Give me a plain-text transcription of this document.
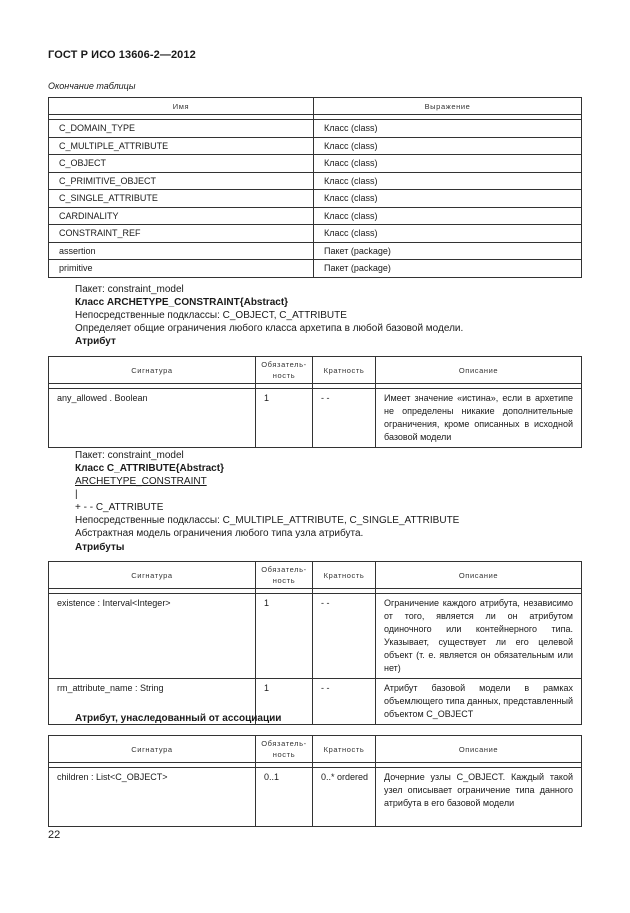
ГОСТ Р ИСО 13606-2—2012
Окончание таблицы
Имя	Выражение

C_DOMAIN_TYPE	Класс (class)
C_MULTIPLE_ATTRIBUTE	Класс (class)
C_OBJECT	Класс (class)
C_PRIMITIVE_OBJECT	Класс (class)
C_SINGLE_ATTRIBUTE	Класс (class)
CARDINALITY	Класс (class)
CONSTRAINT_REF	Класс (class)
assertion	Пакет (package)
primitive	Пакет (package)
Пакет: constraint_model
Класс ARCHETYPE_CONSTRAINT{Abstract}
Непосредственные подклассы: C_OBJECT, C_ATTRIBUTE
Определяет общие ограничения любого класса архетипа в любой базовой модели.
Атрибут
Сигнатура	Обязатель-
ность	Кратность	Описание

any_allowed . Boolean	1	- -	Имеет значение «истина», если в архетипе не определены никакие дополнительные ограничения, кроме описанных в исходной базовой модели
Пакет: constraint_model
Класс C_ATTRIBUTE{Abstract}
ARCHETYPE_CONSTRAINT
|
+ - - C_ATTRIBUTE
Непосредственные подклассы: C_MULTIPLE_ATTRIBUTE, C_SINGLE_ATTRIBUTE
Абстрактная модель ограничения любого типа узла атрибута.
Атрибуты
Сигнатура	Обязатель-
ность	Кратность	Описание

existence : Interval<Integer>	1	- -	Ограничение каждого атрибута, независимо от того, является ли он атрибутом одиночного или контейнерного типа. Указывает, существует ли его целевой объект (т. е. является он обязательным или нет)
rm_attribute_name : String	1	- -	Атрибут базовой модели в рамках объемлющего типа данных, представленный объектом C_OBJECT
Атрибут, унаследованный от ассоциации
Сигнатура	Обязатель-
ность	Кратность	Описание

children : List<C_OBJECT>	0..1	0..* ordered	Дочерние узлы C_OBJECT. Каждый такой узел описывает ограничение типа данного атрибута в его базовой модели
22
